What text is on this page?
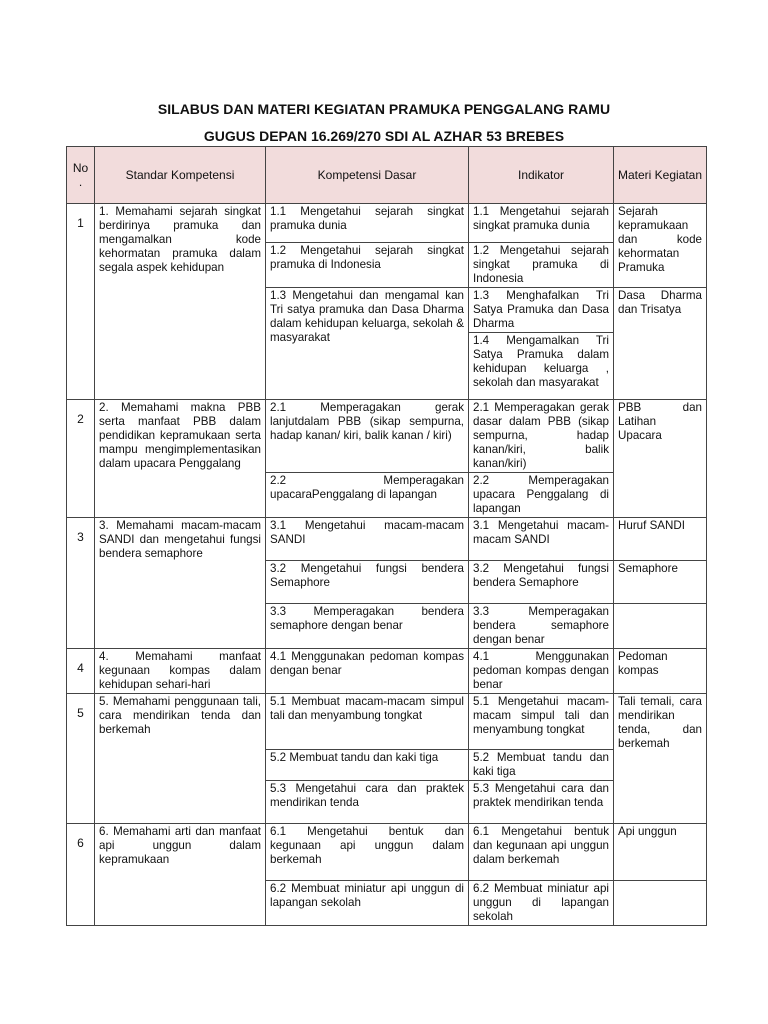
SILABUS DAN MATERI KEGIATAN PRAMUKA PENGGALANG RAMU
GUGUS DEPAN 16.269/270 SDI AL AZHAR 53 BREBES
No .	Standar Kompetensi	Kompetensi Dasar	Indikator	Materi Kegiatan
1	1. Memahami sejarah singkat berdirinya pramuka dan mengamalkan kode kehormatan pramuka dalam segala aspek kehidupan	1.1 Mengetahui sejarah singkat pramuka dunia	1.1 Mengetahui sejarah singkat pramuka dunia	Sejarah kepramukaan dan kode kehormatan Pramuka
		1.2 Mengetahui sejarah singkat pramuka di Indonesia	1.2 Mengetahui sejarah singkat pramuka di Indonesia	
		1.3 Mengetahui dan mengamal kan Tri satya pramuka dan Dasa Dharma dalam kehidupan keluarga, sekolah & masyarakat	1.3 Menghafalkan Tri Satya Pramuka dan Dasa Dharma	Dasa Dharma dan Trisatya
			1.4 Mengamalkan Tri Satya Pramuka dalam kehidupan keluarga , sekolah dan masyarakat	
2	2. Memahami makna PBB serta manfaat PBB dalam pendidikan kepramukaan serta mampu mengimplementasikan dalam upacara Penggalang	2.1 Memperagakan gerak lanjutdalam PBB (sikap sempurna, hadap kanan/ kiri, balik kanan / kiri)	2.1 Memperagakan gerak dasar dalam PBB (sikap sempurna, hadap kanan/kiri, balik kanan/kiri)	PBB dan Latihan Upacara
		2.2 Memperagakan upacaraPenggalang di lapangan	2.2 Memperagakan upacara Penggalang di lapangan	
3	3. Memahami macam-macam SANDI dan mengetahui fungsi bendera semaphore	3.1 Mengetahui macam-macam SANDI	3.1 Mengetahui macam-macam SANDI	Huruf SANDI
		3.2 Mengetahui fungsi bendera Semaphore	3.2 Mengetahui fungsi bendera Semaphore	Semaphore
		3.3 Memperagakan bendera semaphore dengan benar	3.3 Memperagakan bendera semaphore dengan benar	
4	4. Memahami manfaat kegunaan kompas dalam kehidupan sehari-hari	4.1 Menggunakan pedoman kompas dengan benar	4.1 Menggunakan pedoman kompas dengan benar	Pedoman kompas
5	5. Memahami penggunaan tali, cara mendirikan tenda dan berkemah	5.1 Membuat macam-macam simpul tali dan menyambung tongkat	5.1 Mengetahui macam-macam simpul tali dan menyambung tongkat	Tali temali, cara mendirikan tenda, dan berkemah
		5.2 Membuat tandu dan kaki tiga	5.2 Membuat tandu dan kaki tiga	
		5.3 Mengetahui cara dan praktek mendirikan tenda	5.3 Mengetahui cara dan praktek mendirikan tenda	
6	6. Memahami arti dan manfaat api unggun dalam kepramukaan	6.1 Mengetahui bentuk dan kegunaan api unggun dalam berkemah	6.1 Mengetahui bentuk dan kegunaan api unggun dalam berkemah	Api unggun
		6.2 Membuat miniatur api unggun di lapangan sekolah	6.2 Membuat miniatur api unggun di lapangan sekolah	
